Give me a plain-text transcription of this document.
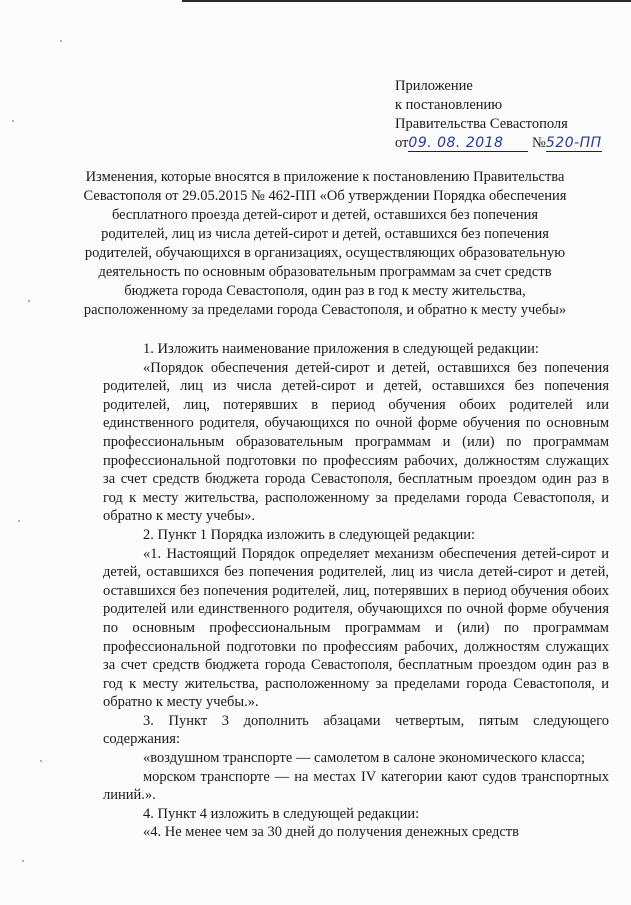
Приложение
к постановлению
Правительства Севастополя
от09. 08. 2018 №520-ПП
Изменения, которые вносятся в приложение к постановлению Правительства Севастополя от 29.05.2015 № 462-ПП «Об утверждении Порядка обеспечения бесплатного проезда детей-сирот и детей, оставшихся без попечения родителей, лиц из числа детей-сирот и детей, оставшихся без попечения родителей, обучающихся в организациях, осуществляющих образовательную деятельность по основным образовательным программам за счет средств бюджета города Севастополя, один раз в год к месту жительства, расположенному за пределами города Севастополя, и обратно к месту учебы»

1. Изложить наименование приложения в следующей редакции:

«Порядок обеспечения детей-сирот и детей, оставшихся без попечения родителей, лиц из числа детей-сирот и детей, оставшихся без попечения родителей, лиц, потерявших в период обучения обоих родителей или единственного родителя, обучающихся по очной форме обучения по основным профессиональным образовательным программам и (или) по программам профессиональной подготовки по профессиям рабочих, должностям служащих за счет средств бюджета города Севастополя, бесплатным проездом один раз в год к месту жительства, расположенному за пределами города Севастополя, и обратно к месту учебы».

2. Пункт 1 Порядка изложить в следующей редакции:

«1. Настоящий Порядок определяет механизм обеспечения детей-сирот и детей, оставшихся без попечения родителей, лиц из числа детей-сирот и детей, оставшихся без попечения родителей, лиц, потерявших в период обучения обоих родителей или единственного родителя, обучающихся по очной форме обучения по основным профессиональным программам и (или) по программам профессиональной подготовки по профессиям рабочих, должностям служащих за счет средств бюджета города Севастополя, бесплатным проездом один раз в год к месту жительства, расположенному за пределами города Севастополя, и обратно к месту учебы.».

3. Пункт 3 дополнить абзацами четвертым, пятым следующего содержания:

«воздушном транспорте — самолетом в салоне экономического класса;

морском транспорте — на местах IV категории кают судов транспортных линий.».

4. Пункт 4 изложить в следующей редакции:

«4. Не менее чем за 30 дней до получения денежных средств
